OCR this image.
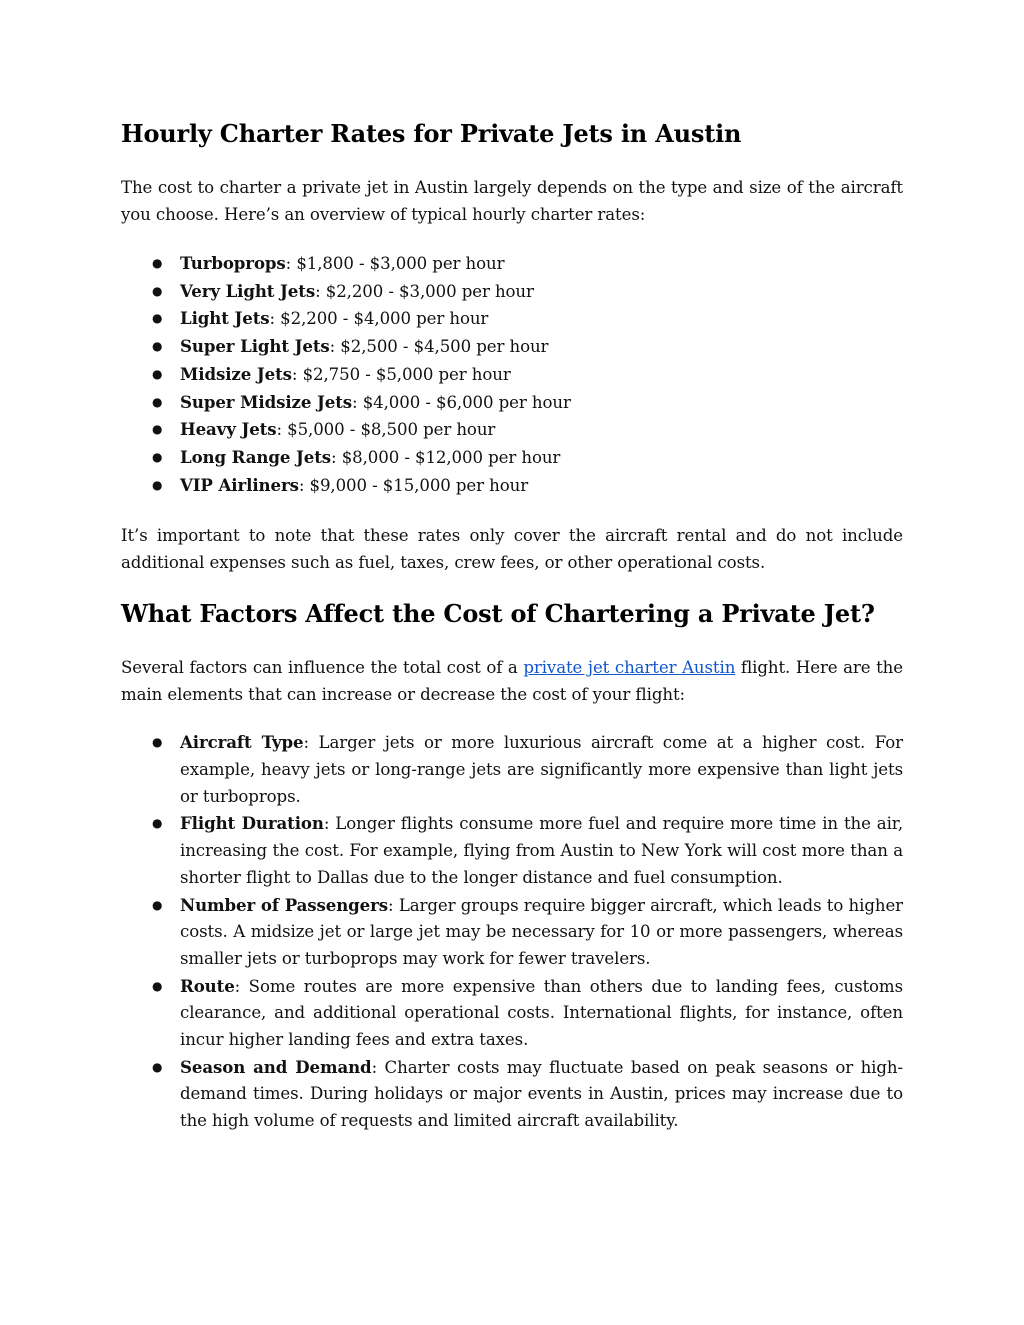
Hourly Charter Rates for Private Jets in Austin

The cost to charter a private jet in Austin largely depends on the type and size of the aircraft you choose. Here’s an overview of typical hourly charter rates:

● Turboprops: $1,800 - $3,000 per hour
● Very Light Jets: $2,200 - $3,000 per hour
● Light Jets: $2,200 - $4,000 per hour
● Super Light Jets: $2,500 - $4,500 per hour
● Midsize Jets: $2,750 - $5,000 per hour
● Super Midsize Jets: $4,000 - $6,000 per hour
● Heavy Jets: $5,000 - $8,500 per hour
● Long Range Jets: $8,000 - $12,000 per hour
● VIP Airliners: $9,000 - $15,000 per hour

It’s important to note that these rates only cover the aircraft rental and do not include additional expenses such as fuel, taxes, crew fees, or other operational costs.

What Factors Affect the Cost of Chartering a Private Jet?

Several factors can influence the total cost of a private jet charter Austin flight. Here are the main elements that can increase or decrease the cost of your flight:

● Aircraft Type: Larger jets or more luxurious aircraft come at a higher cost. For example, heavy jets or long-range jets are significantly more expensive than light jets or turboprops.
● Flight Duration: Longer flights consume more fuel and require more time in the air, increasing the cost. For example, flying from Austin to New York will cost more than a shorter flight to Dallas due to the longer distance and fuel consumption.
● Number of Passengers: Larger groups require bigger aircraft, which leads to higher costs. A midsize jet or large jet may be necessary for 10 or more passengers, whereas smaller jets or turboprops may work for fewer travelers.
● Route: Some routes are more expensive than others due to landing fees, customs clearance, and additional operational costs. International flights, for instance, often incur higher landing fees and extra taxes.
● Season and Demand: Charter costs may fluctuate based on peak seasons or high-demand times. During holidays or major events in Austin, prices may increase due to the high volume of requests and limited aircraft availability.
